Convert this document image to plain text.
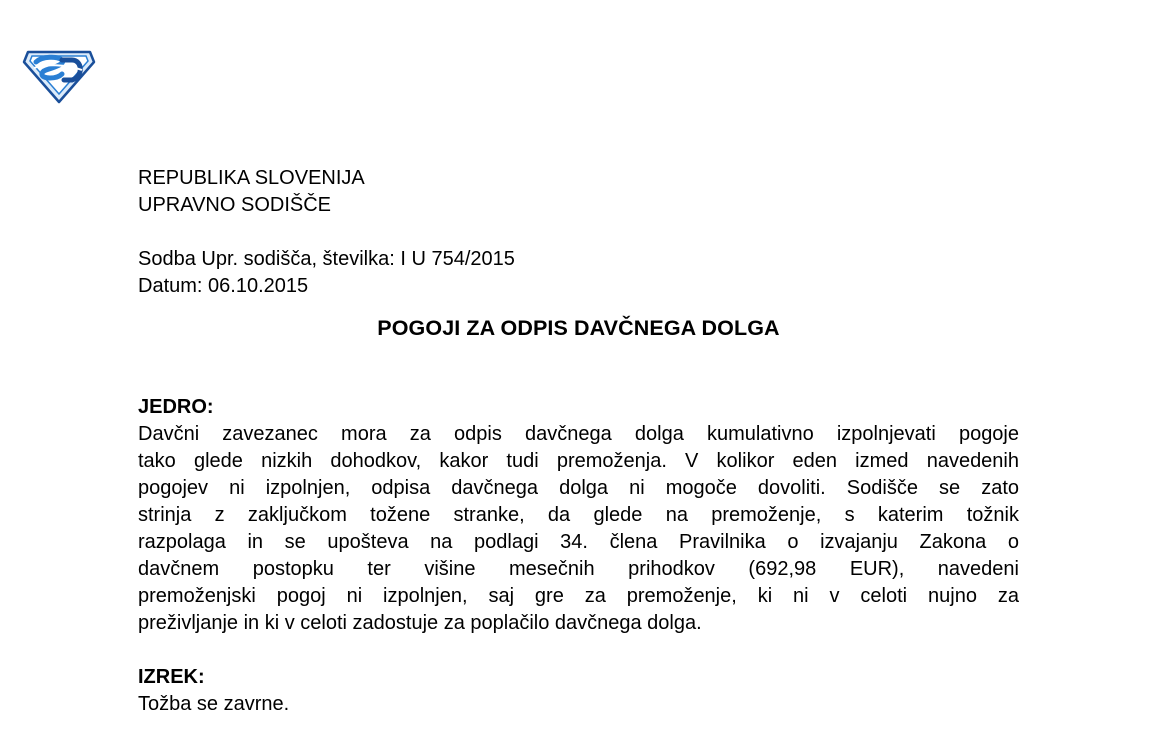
REPUBLIKA SLOVENIJA
UPRAVNO SODIŠČE
Sodba Upr. sodišča, številka: I U 754/2015
Datum: 06.10.2015
POGOJI ZA ODPIS DAVČNEGA DOLGA
JEDRO:
Davčni zavezanec mora za odpis davčnega dolga kumulativno izpolnjevati pogoje
tako glede nizkih dohodkov, kakor tudi premoženja. V kolikor eden izmed navedenih
pogojev ni izpolnjen, odpisa davčnega dolga ni mogoče dovoliti. Sodišče se zato
strinja z zaključkom tožene stranke, da glede na premoženje, s katerim tožnik
razpolaga in se upošteva na podlagi 34. člena Pravilnika o izvajanju Zakona o
davčnem postopku ter višine mesečnih prihodkov (692,98 EUR), navedeni
premoženjski pogoj ni izpolnjen, saj gre za premoženje, ki ni v celoti nujno za
preživljanje in ki v celoti zadostuje za poplačilo davčnega dolga.
IZREK:
Tožba se zavrne.
